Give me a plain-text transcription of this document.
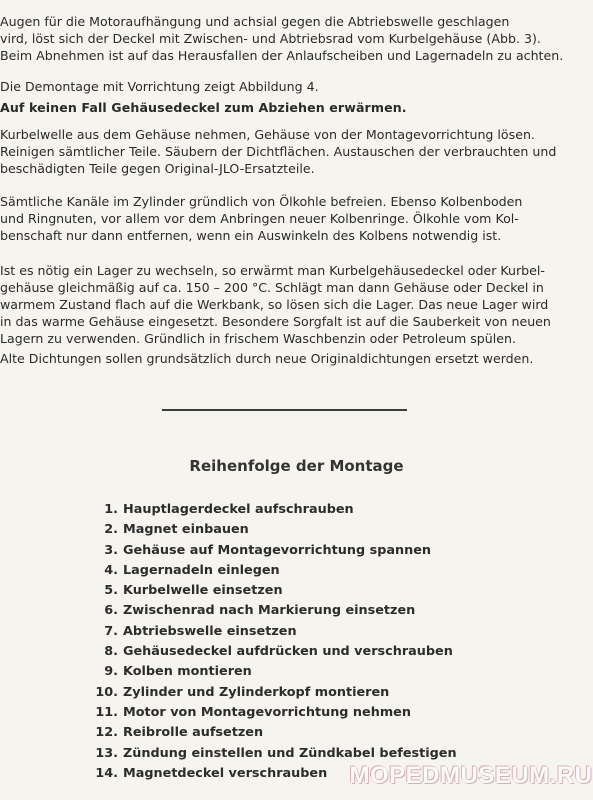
Augen für die Motoraufhängung und achsial gegen die Abtriebswelle geschlagen
vird, löst sich der Deckel mit Zwischen- und Abtriebsrad vom Kurbelgehäuse (Abb. 3).
Beim Abnehmen ist auf das Herausfallen der Anlaufscheiben und Lagernadeln zu achten.
Die Demontage mit Vorrichtung zeigt Abbildung 4.
Auf keinen Fall Gehäusedeckel zum Abziehen erwärmen.
Kurbelwelle aus dem Gehäuse nehmen, Gehäuse von der Montagevorrichtung lösen.
Reinigen sämtlicher Teile. Säubern der Dichtflächen. Austauschen der verbrauchten und
beschädigten Teile gegen Original-JLO-Ersatzteile.
Sämtliche Kanäle im Zylinder gründlich von Ölkohle befreien. Ebenso Kolbenboden
und Ringnuten, vor allem vor dem Anbringen neuer Kolbenringe. Ölkohle vom Kol-
benschaft nur dann entfernen, wenn ein Auswinkeln des Kolbens notwendig ist.
Ist es nötig ein Lager zu wechseln, so erwärmt man Kurbelgehäusedeckel oder Kurbel-
gehäuse gleichmäßig auf ca. 150 – 200 °C. Schlägt man dann Gehäuse oder Deckel in
warmem Zustand flach auf die Werkbank, so lösen sich die Lager. Das neue Lager wird
in das warme Gehäuse eingesetzt. Besondere Sorgfalt ist auf die Sauberkeit von neuen
Lagern zu verwenden. Gründlich in frischem Waschbenzin oder Petroleum spülen.
Alte Dichtungen sollen grundsätzlich durch neue Originaldichtungen ersetzt werden.
Reihenfolge der Montage
1. Hauptlagerdeckel aufschrauben
2. Magnet einbauen
3. Gehäuse auf Montagevorrichtung spannen
4. Lagernadeln einlegen
5. Kurbelwelle einsetzen
6. Zwischenrad nach Markierung einsetzen
7. Abtriebswelle einsetzen
8. Gehäusedeckel aufdrücken und verschrauben
9. Kolben montieren
10. Zylinder und Zylinderkopf montieren
11. Motor von Montagevorrichtung nehmen
12. Reibrolle aufsetzen
13. Zündung einstellen und Zündkabel befestigen
14. Magnetdeckel verschrauben MOPEDMUSEUM.RU
